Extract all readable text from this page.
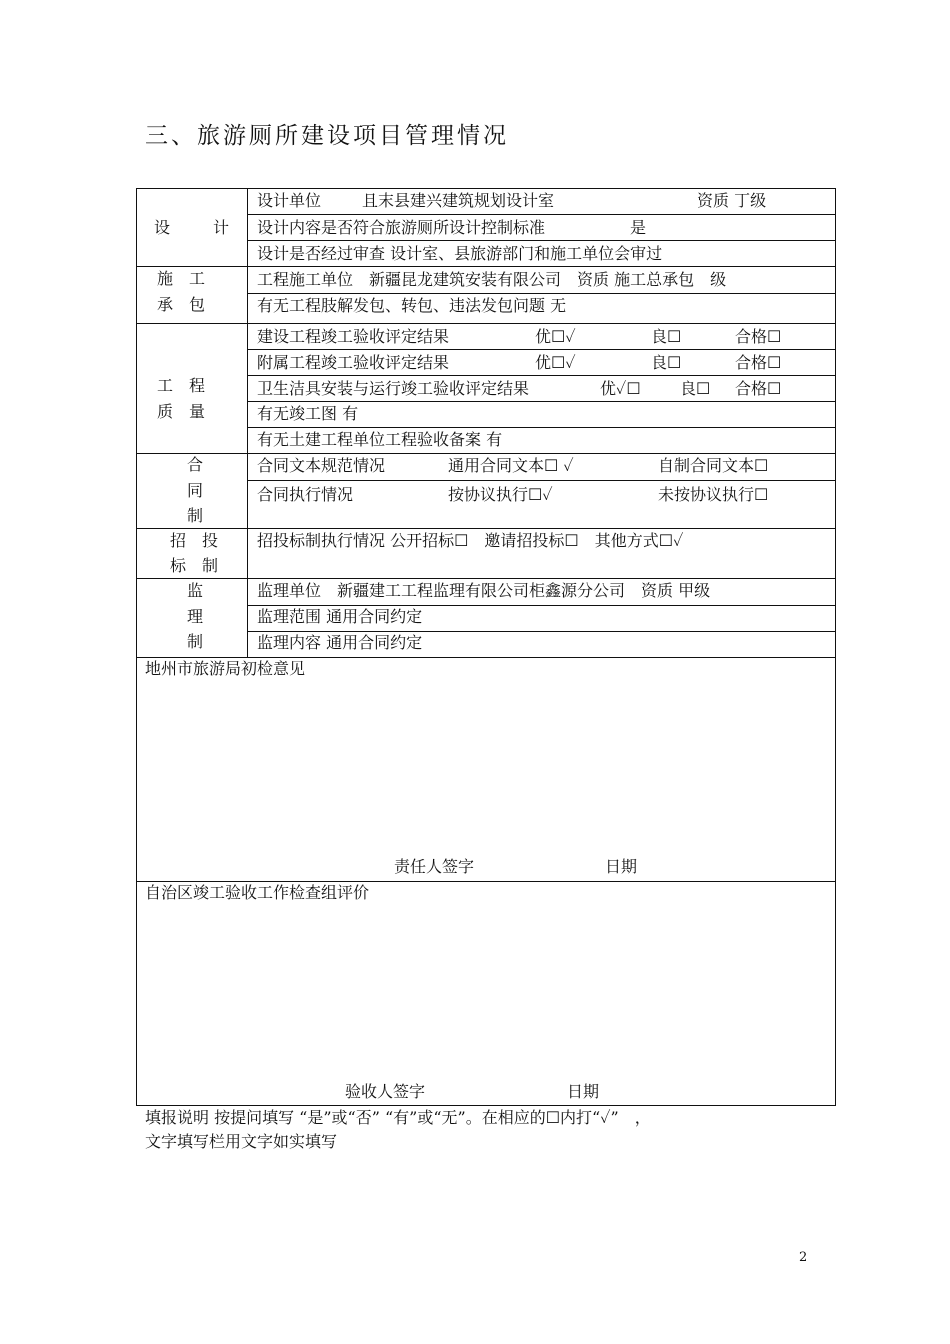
三、旅游厕所建设项目管理情况
设	计
设计单位	且末县建兴建筑规划设计室	资质 丁级
设计内容是否符合旅游厕所设计控制标准	是
设计是否经过审查 设计室、县旅游部门和施工单位会审过
施　工
承　包
工程施工单位　新疆昆龙建筑安装有限公司　资质 施工总承包　级
有无工程肢解发包、转包、违法发包问题 无
工　程
质　量
建设工程竣工验收评定结果	优☐✓	良☐	合格☐
附属工程竣工验收评定结果	优☐✓	良☐	合格☐
卫生洁具安装与运行竣工验收评定结果	优✓☐ 良☐ 合格☐
有无竣工图 有
有无土建工程单位工程验收备案 有
合
同
制
合同文本规范情况	通用合同文本☐ ✓	自制合同文本☐
合同执行情况	按协议执行☐✓	未按协议执行☐
招　投
标　制
招投标制执行情况 公开招标☐　邀请招投标☐　其他方式☐✓
监
理
制
监理单位　新疆建工工程监理有限公司柜鑫源分公司　资质 甲级
监理范围 通用合同约定
监理内容 通用合同约定
地州市旅游局初检意见
责任人签字	日期
自治区竣工验收工作检查组评价
验收人签字	日期
填报说明 按提问填写 “是”或“否” “有”或“无”。在相应的☐内打“✓”　，
文字填写栏用文字如实填写
2
